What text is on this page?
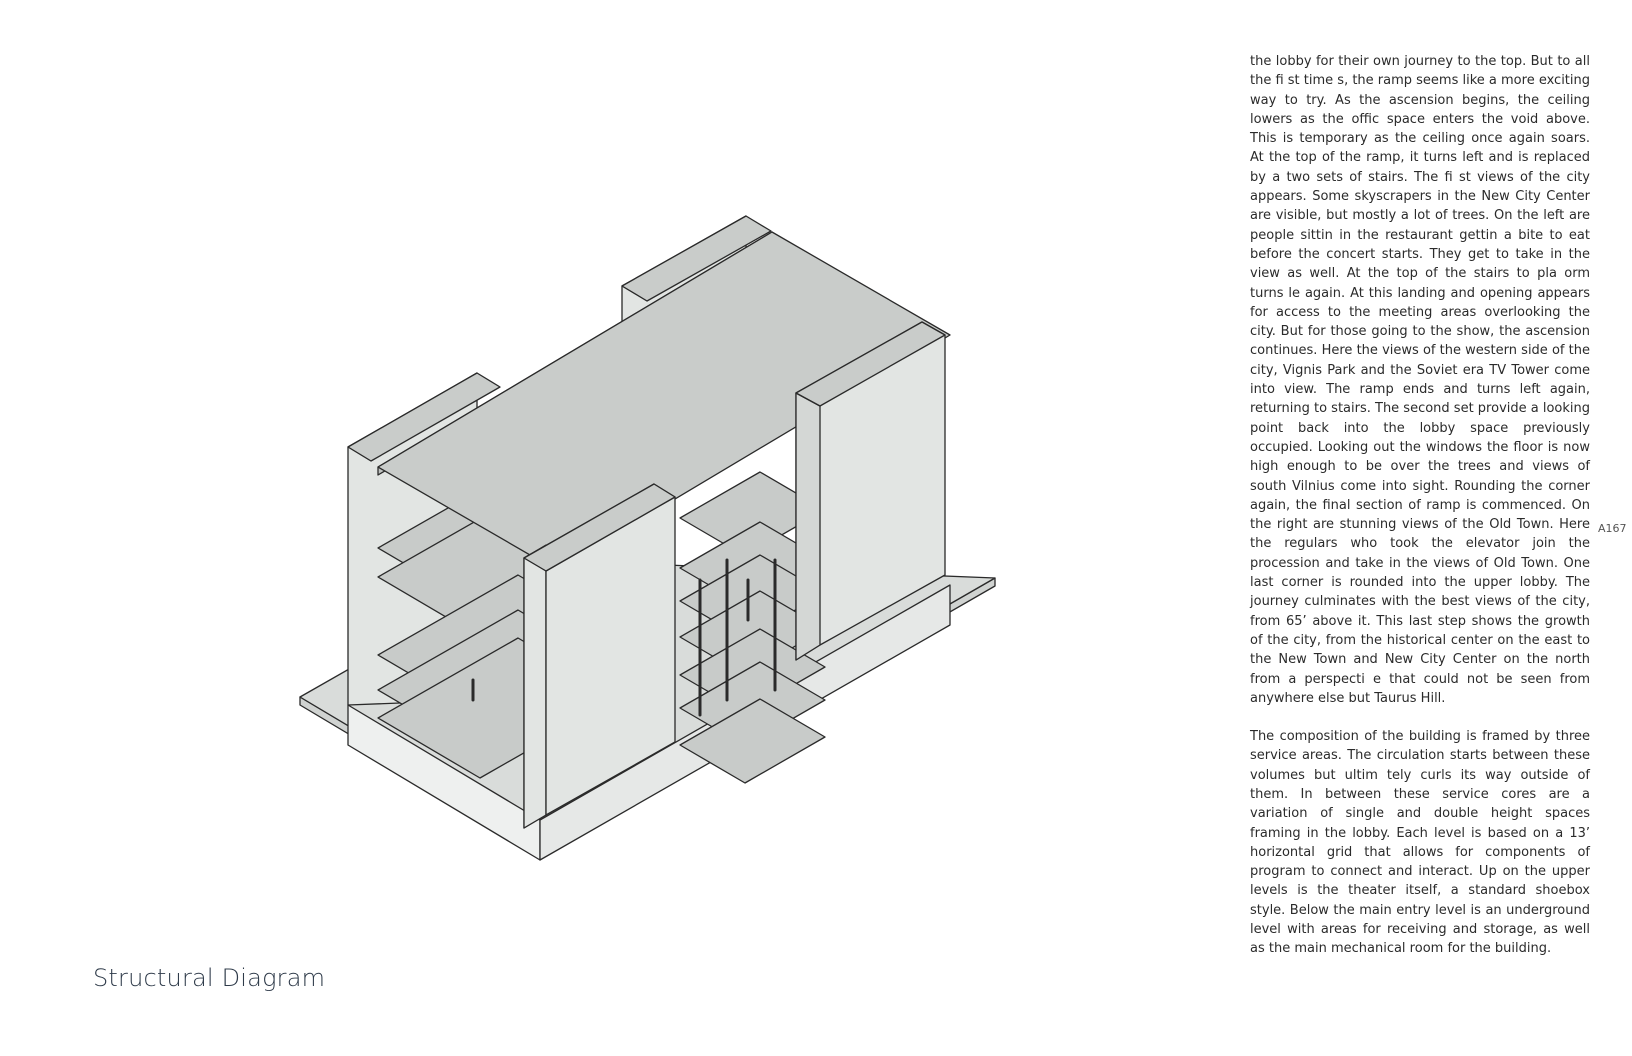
Structural Diagram

the lobby for their own journey to the top. But to all the fi st time s, the ramp seems like a more exciting way to try. As the ascension begins, the ceiling lowers as the offic space enters the void above. This is temporary as the ceiling once again soars. At the top of the ramp, it turns left and is replaced by a two sets of stairs. The fi st views of the city appears. Some skyscrapers in the New City Center are visible, but mostly a lot of trees. On the left are people sittin in the restaurant gettin a bite to eat before the concert starts. They get to take in the view as well. At the top of the stairs to pla orm turns le again. At this landing and opening appears for access to the meeting areas overlooking the city. But for those going to the show, the ascension continues. Here the views of the western side of the city, Vignis Park and the Soviet era TV Tower come into view. The ramp ends and turns left again, returning to stairs. The second set provide a looking point back into the lobby space previously occupied. Looking out the windows the floor is now high enough to be over the trees and views of south Vilnius come into sight. Rounding the corner again, the final section of ramp is commenced. On the right are stunning views of the Old Town. Here the regulars who took the elevator join the procession and take in the views of Old Town. One last corner is rounded into the upper lobby. The journey culminates with the best views of the city, from 65’ above it. This last step shows the growth of the city, from the historical center on the east to the New Town and New City Center on the north from a perspecti e that could not be seen from anywhere else but Taurus Hill.

The composition of the building is framed by three service areas. The circulation starts between these volumes but ultim tely curls its way outside of them. In between these service cores are a variation of single and double height spaces framing in the lobby. Each level is based on a 13’ horizontal grid that allows for components of program to connect and interact. Up on the upper levels is the theater itself, a standard shoebox style. Below the main entry level is an underground level with areas for receiving and storage, as well as the main mechanical room for the building.

A167
